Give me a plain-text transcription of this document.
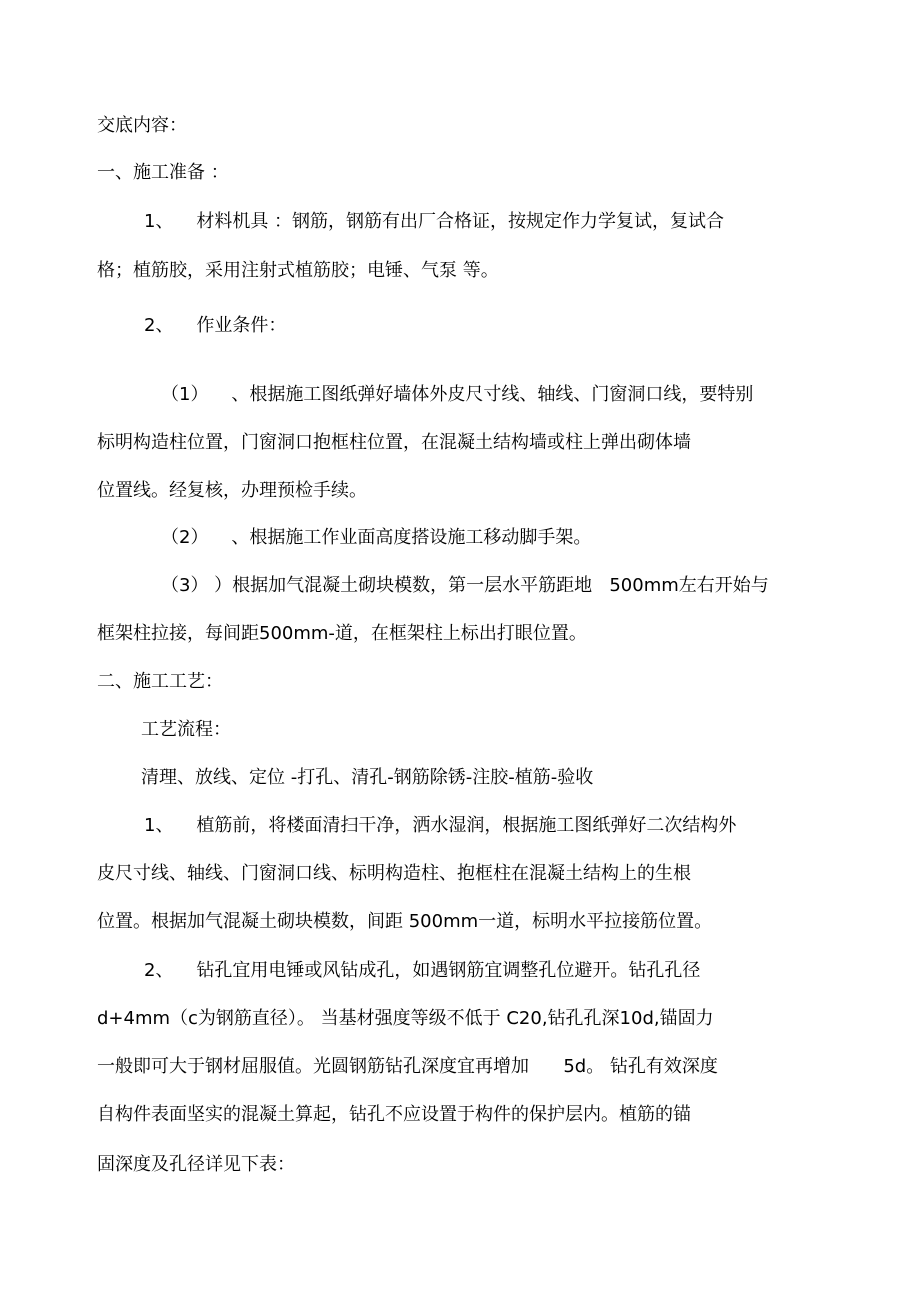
交底内容：
一、施工准备 ：
1、    材料机具 ：钢筋，钢筋有出厂合格证，按规定作力学复试，复试合
格；植筋胶，采用注射式植筋胶；电锤、气泵 等。
2、    作业条件：
（1）    、根据施工图纸弹好墙体外皮尺寸线、轴线、门窗洞口线，要特别
标明构造柱位置，门窗洞口抱框柱位置，在混凝土结构墙或柱上弹出砌体墙
位置线。经复核，办理预检手续。
（2）    、根据施工作业面高度搭设施工移动脚手架。
（3） ）根据加气混凝土砌块模数，第一层水平筋距地   500mm左右开始与
框架柱拉接，每间距500mm-道，在框架柱上标出打眼位置。
二、施工工艺：
工艺流程：
清理、放线、定位 -打孔、清孔-钢筋除锈-注胶-植筋-验收
1、    植筋前，将楼面清扫干净，洒水湿润，根据施工图纸弹好二次结构外
皮尺寸线、轴线、门窗洞口线、标明构造柱、抱框柱在混凝土结构上的生根
位置。根据加气混凝土砌块模数，间距 500mm一道，标明水平拉接筋位置。
2、    钻孔宜用电锤或风钻成孔，如遇钢筋宜调整孔位避开。钻孔孔径
d+4mm（c为钢筋直径）。 当基材强度等级不低于 C20,钻孔孔深10d,锚固力
一般即可大于钢材屈服值。光圆钢筋钻孔深度宜再增加      5d。 钻孔有效深度
自构件表面坚实的混凝土算起，钻孔不应设置于构件的保护层内。植筋的锚
固深度及孔径详见下表：
